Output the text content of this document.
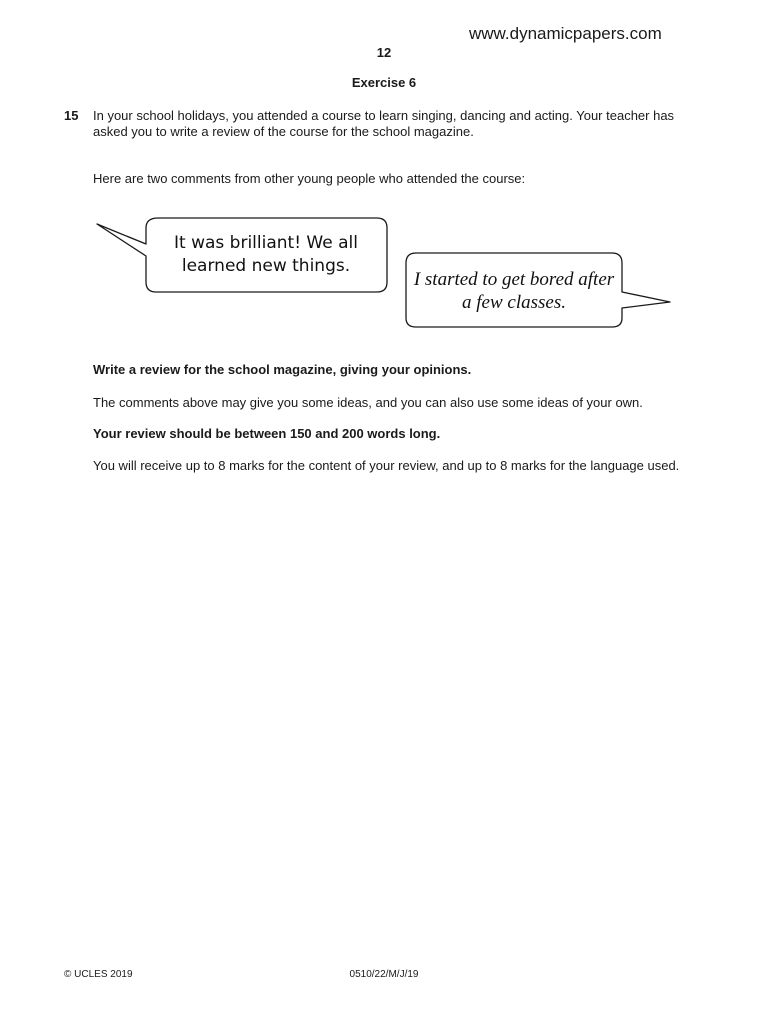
www.dynamicpapers.com
12
Exercise 6
15 In your school holidays, you attended a course to learn singing, dancing and acting. Your teacher has asked you to write a review of the course for the school magazine.
Here are two comments from other young people who attended the course:
It was brilliant! We all learned new things.
I started to get bored after a few classes.
Write a review for the school magazine, giving your opinions.
The comments above may give you some ideas, and you can also use some ideas of your own.
Your review should be between 150 and 200 words long.
You will receive up to 8 marks for the content of your review, and up to 8 marks for the language used.
© UCLES 2019	0510/22/M/J/19
